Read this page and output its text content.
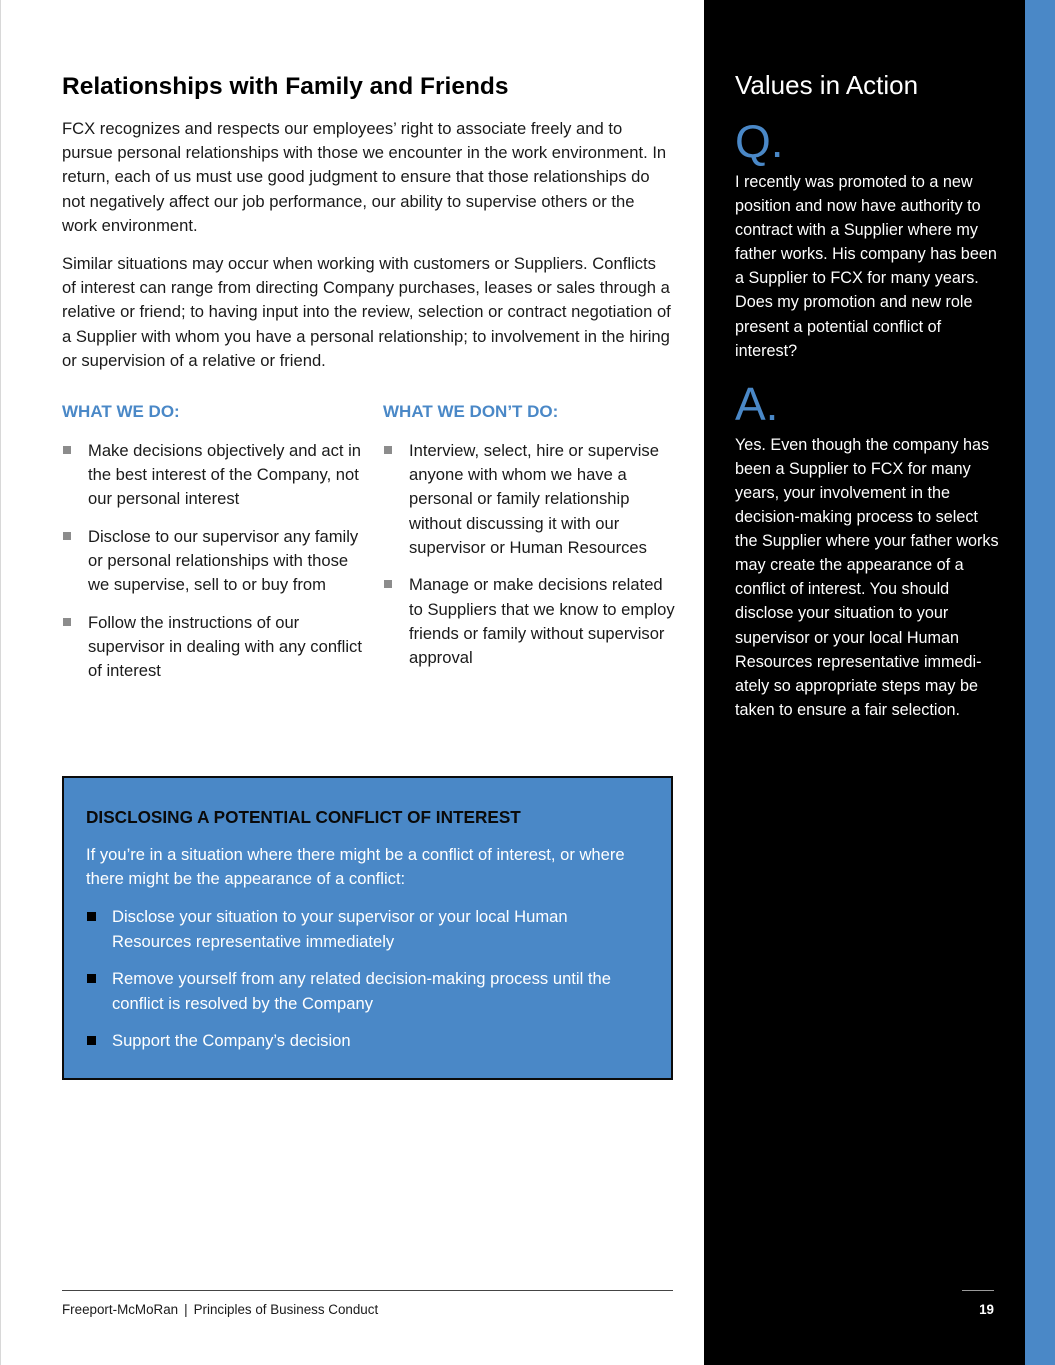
Relationships with Family and Friends

FCX recognizes and respects our employees’ right to associate freely and to pursue personal relationships with those we encounter in the work environment. In return, each of us must use good judgment to ensure that those relationships do not negatively affect our job performance, our ability to supervise others or the work environment.

Similar situations may occur when working with customers or Suppliers. Conflicts of interest can range from directing Company purchases, leases or sales through a relative or friend; to having input into the review, selection or contract negotiation of a Supplier with whom you have a personal relationship; to involvement in the hiring or supervision of a relative or friend.

WHAT WE DO:
Make decisions objectively and act in the best interest of the Company, not our personal interest
Disclose to our supervisor any family or personal relationships with those we supervise, sell to or buy from
Follow the instructions of our supervisor in dealing with any conflict of interest
WHAT WE DON’T DO:
Interview, select, hire or supervise anyone with whom we have a personal or family relationship without discussing it with our supervisor or Human Resources
Manage or make decisions related to Suppliers that we know to employ friends or family without supervisor approval
DISCLOSING A POTENTIAL CONFLICT OF INTEREST

If you’re in a situation where there might be a conflict of interest, or where there might be the appearance of a conflict:

Disclose your situation to your supervisor or your local Human Resources representative immediately
Remove yourself from any related decision-making process until the conflict is resolved by the Company
Support the Company’s decision
Values in Action
Q.

I recently was promoted to a new position and now have authority to contract with a Supplier where my father works. His company has been a Supplier to FCX for many years. Does my promotion and new role present a potential conflict of interest?

A.

Yes. Even though the company has been a Supplier to FCX for many years, your involvement in the decision-making process to select the Supplier where your father works may create the appearance of a conflict of interest. You should disclose your situation to your supervisor or your local Human Resources representative immedi-ately so appropriate steps may be taken to ensure a fair selection.

Freeport-McMoRan | Principles of Business Conduct	19
